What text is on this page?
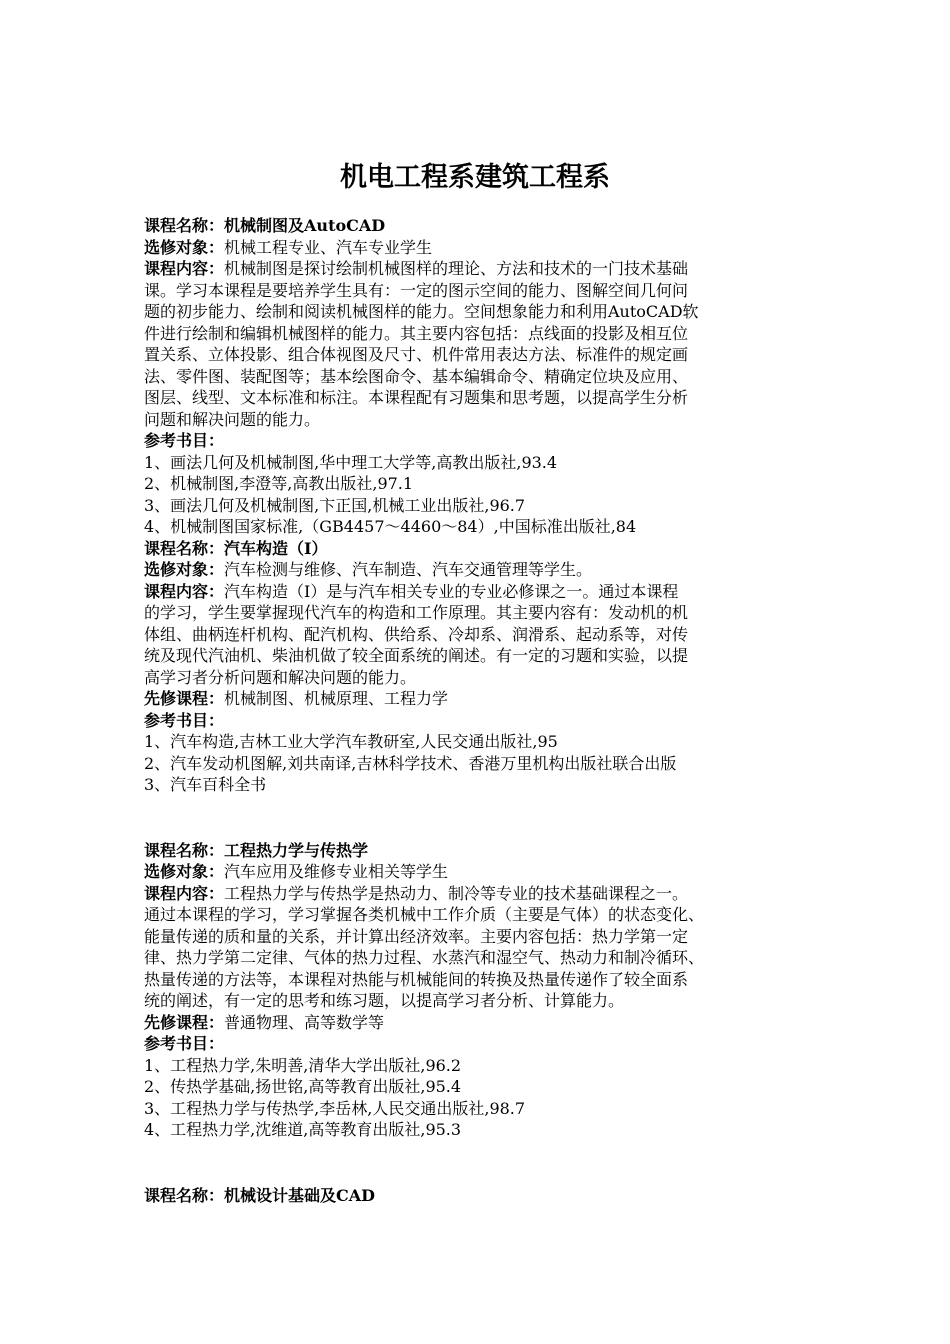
机电工程系建筑工程系
课程名称：机械制图及AutoCAD
选修对象：机械工程专业、汽车专业学生
课程内容：机械制图是探讨绘制机械图样的理论、方法和技术的一门技术基础
课。学习本课程是要培养学生具有：一定的图示空间的能力、图解空间几何问
题的初步能力、绘制和阅读机械图样的能力。空间想象能力和利用AutoCAD软
件进行绘制和编辑机械图样的能力。其主要内容包括：点线面的投影及相互位
置关系、立体投影、组合体视图及尺寸、机件常用表达方法、标准件的规定画
法、零件图、装配图等；基本绘图命令、基本编辑命令、精确定位块及应用、
图层、线型、文本标准和标注。本课程配有习题集和思考题，以提高学生分析
问题和解决问题的能力。
参考书目：
1、画法几何及机械制图,华中理工大学等,高教出版社,93.4
2、机械制图,李澄等,高教出版社,97.1
3、画法几何及机械制图,卞正国,机械工业出版社,96.7
4、机械制图国家标准,（GB4457～4460～84）,中国标准出版社,84
课程名称：汽车构造（Ⅰ）
选修对象：汽车检测与维修、汽车制造、汽车交通管理等学生。
课程内容：汽车构造（Ⅰ）是与汽车相关专业的专业必修课之一。通过本课程
的学习，学生要掌握现代汽车的构造和工作原理。其主要内容有：发动机的机
体组、曲柄连杆机构、配汽机构、供给系、冷却系、润滑系、起动系等，对传
统及现代汽油机、柴油机做了较全面系统的阐述。有一定的习题和实验，以提
高学习者分析问题和解决问题的能力。
先修课程：机械制图、机械原理、工程力学
参考书目：
1、汽车构造,吉林工业大学汽车教研室,人民交通出版社,95
2、汽车发动机图解,刘共南译,吉林科学技术、香港万里机构出版社联合出版
3、汽车百科全书
课程名称：工程热力学与传热学
选修对象：汽车应用及维修专业相关等学生
课程内容：工程热力学与传热学是热动力、制冷等专业的技术基础课程之一。
通过本课程的学习，学习掌握各类机械中工作介质（主要是气体）的状态变化、
能量传递的质和量的关系，并计算出经济效率。主要内容包括：热力学第一定
律、热力学第二定律、气体的热力过程、水蒸汽和湿空气、热动力和制冷循环、
热量传递的方法等，本课程对热能与机械能间的转换及热量传递作了较全面系
统的阐述，有一定的思考和练习题，以提高学习者分析、计算能力。
先修课程：普通物理、高等数学等
参考书目：
1、工程热力学,朱明善,清华大学出版社,96.2
2、传热学基础,扬世铭,高等教育出版社,95.4
3、工程热力学与传热学,李岳林,人民交通出版社,98.7
4、工程热力学,沈维道,高等教育出版社,95.3
课程名称：机械设计基础及CAD
